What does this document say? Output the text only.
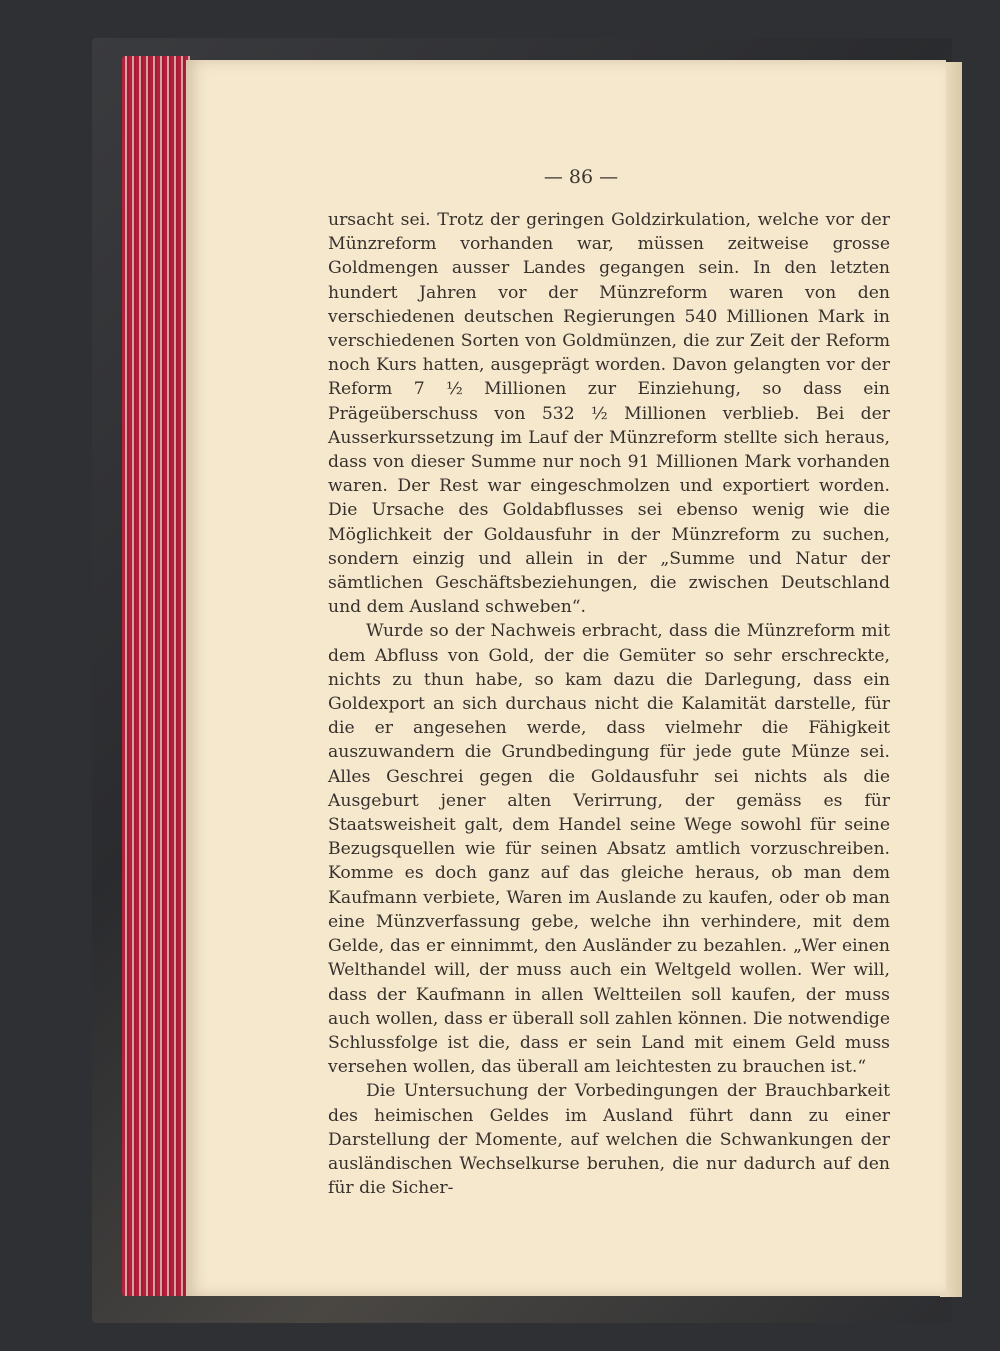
— 86 —

ursacht sei. Trotz der geringen Goldzirkulation, welche vor der Münzreform vorhanden war, müssen zeitweise grosse Goldmengen ausser Landes gegangen sein. In den letzten hundert Jahren vor der Münzreform waren von den verschiedenen deutschen Regierungen 540 Millionen Mark in verschiedenen Sorten von Goldmünzen, die zur Zeit der Reform noch Kurs hatten, ausgeprägt worden. Davon gelangten vor der Reform 7 ½ Millionen zur Einziehung, so dass ein Prägeüberschuss von 532 ½ Millionen verblieb. Bei der Ausserkurssetzung im Lauf der Münzreform stellte sich heraus, dass von dieser Summe nur noch 91 Millionen Mark vorhanden waren. Der Rest war eingeschmolzen und exportiert worden. Die Ursache des Goldabflusses sei ebenso wenig wie die Möglichkeit der Goldausfuhr in der Münzreform zu suchen, sondern einzig und allein in der „Summe und Natur der sämtlichen Geschäftsbeziehungen, die zwischen Deutschland und dem Ausland schweben“.

Wurde so der Nachweis erbracht, dass die Münzreform mit dem Abfluss von Gold, der die Gemüter so sehr erschreckte, nichts zu thun habe, so kam dazu die Darlegung, dass ein Goldexport an sich durchaus nicht die Kalamität darstelle, für die er angesehen werde, dass vielmehr die Fähigkeit auszuwandern die Grundbedingung für jede gute Münze sei. Alles Geschrei gegen die Goldausfuhr sei nichts als die Ausgeburt jener alten Verirrung, der gemäss es für Staatsweisheit galt, dem Handel seine Wege sowohl für seine Bezugsquellen wie für seinen Absatz amtlich vorzuschreiben. Komme es doch ganz auf das gleiche heraus, ob man dem Kaufmann verbiete, Waren im Auslande zu kaufen, oder ob man eine Münzverfassung gebe, welche ihn verhindere, mit dem Gelde, das er einnimmt, den Ausländer zu bezahlen. „Wer einen Welthandel will, der muss auch ein Weltgeld wollen. Wer will, dass der Kaufmann in allen Weltteilen soll kaufen, der muss auch wollen, dass er überall soll zahlen können. Die notwendige Schlussfolge ist die, dass er sein Land mit einem Geld muss versehen wollen, das überall am leichtesten zu brauchen ist.“

Die Untersuchung der Vorbedingungen der Brauchbarkeit des heimischen Geldes im Ausland führt dann zu einer Darstellung der Momente, auf welchen die Schwankungen der ausländischen Wechselkurse beruhen, die nur dadurch auf den für die Sicher-
